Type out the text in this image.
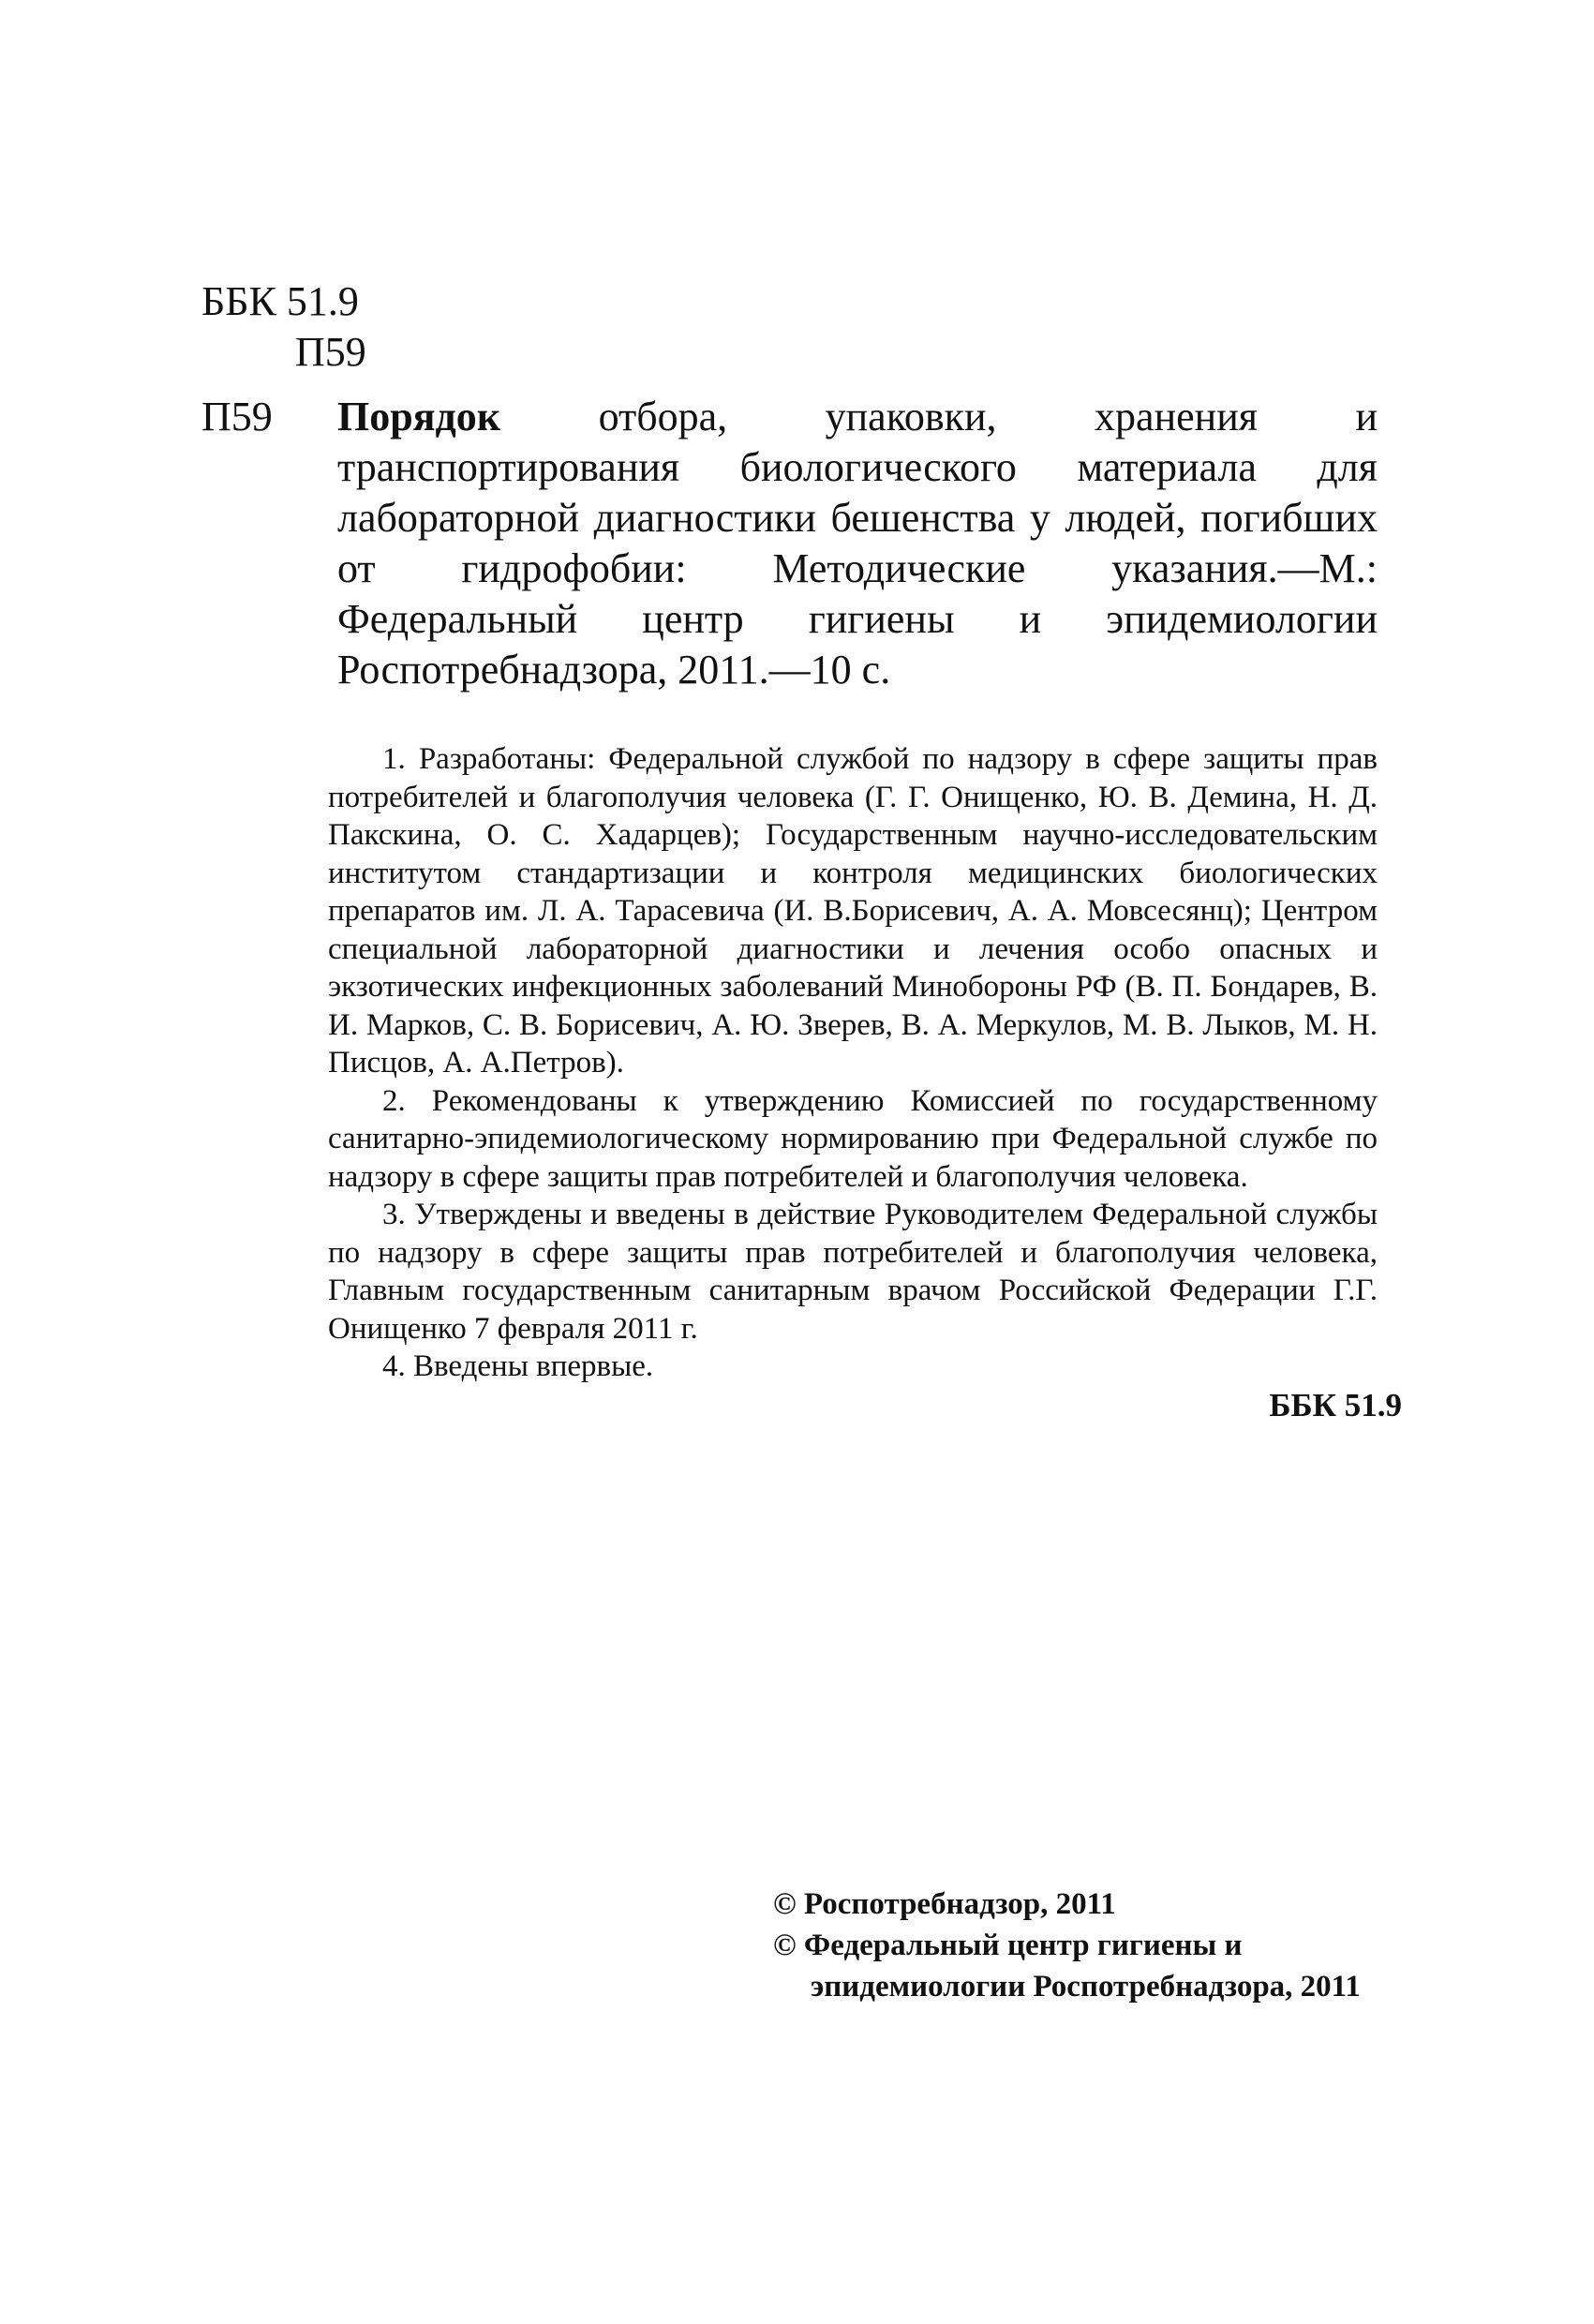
ББК 51.9
П59
П59	Порядок отбора, упаковки, хранения и транспортирования биологического материала для лабораторной диагностики бешенства у людей, погибших от гидрофобии: Методические указания.—М.: Федеральный центр гигиены и эпидемиологии Роспотребнадзора, 2011.—10 с.

1. Разработаны: Федеральной службой по надзору в сфере защиты прав потребителей и благополучия человека (Г. Г. Онищенко, Ю. В. Демина, Н. Д. Пакскина, О. С. Хадарцев); Государственным научно-исследовательским институтом стандартизации и контроля медицинских биологических препаратов им. Л. А. Тарасевича (И. В.Борисевич, А. А. Мовсесянц); Центром специальной лабораторной диагностики и лечения особо опасных и экзотических инфекционных заболеваний Минобороны РФ (В. П. Бондарев, В. И. Марков, С. В. Борисевич, А. Ю. Зверев, В. А. Меркулов, М. В. Лыков, М. Н. Писцов, А. А.Петров).

2. Рекомендованы к утверждению Комиссией по государственному санитарно-эпидемиологическому нормированию при Федеральной службе по надзору в сфере защиты прав потребителей и благополучия человека.

3. Утверждены и введены в действие Руководителем Федеральной службы по надзору в сфере защиты прав потребителей и благополучия человека, Главным государственным санитарным врачом Российской Федерации Г.Г. Онищенко 7 февраля 2011 г.

4. Введены впервые.

ББК 51.9
© Роспотребнадзор, 2011
© Федеральный центр гигиены и
эпидемиологии Роспотребнадзора, 2011
